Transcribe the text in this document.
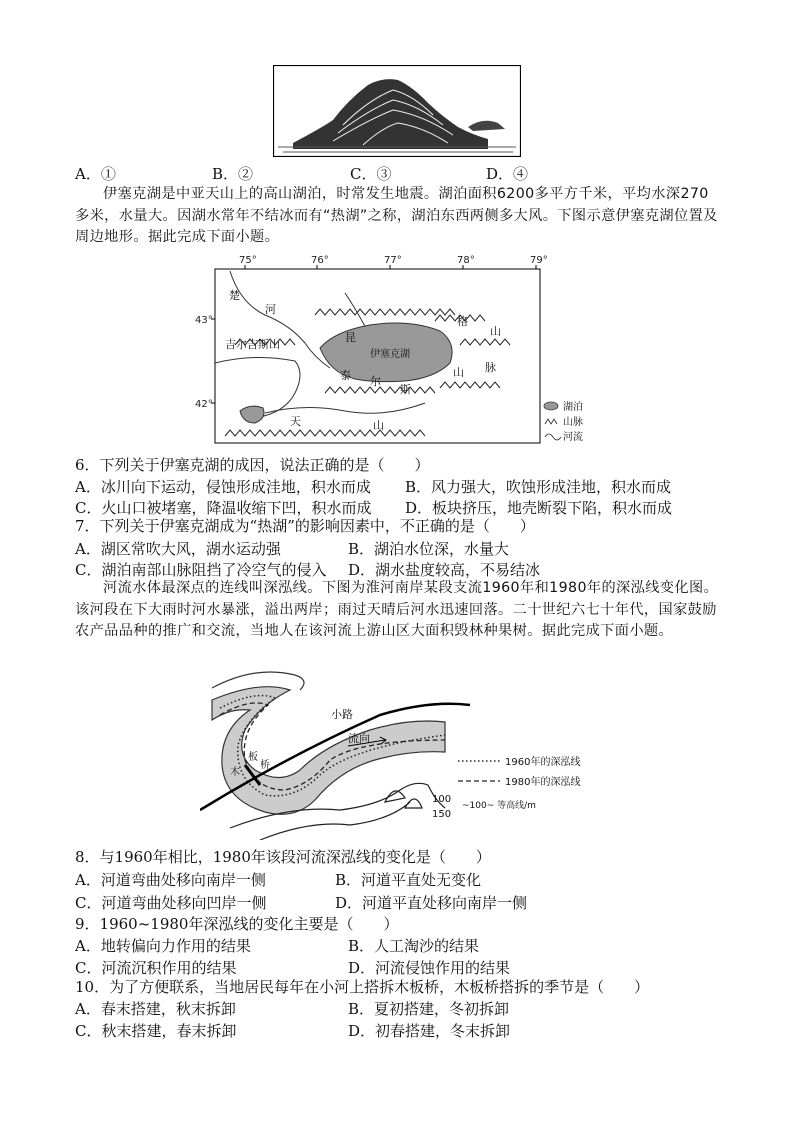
A．①	B．②	C．③	D．④
伊塞克湖是中亚天山上的高山湖泊，时常发生地震。湖泊面积6200多平方千米，平均水深270多米，水量大。因湖水常年不结冰而有“热湖”之称，湖泊东西两侧多大风。下图示意伊塞克湖位置及周边地形。据此完成下面小题。
75°	76°	77°	78°	79°
43°
42°
楚
河
吉尔吉斯山
伊塞克湖
昆
格
山
泰 尔
斯
山 脉
天	山
湖泊
山脉
河流
6．下列关于伊塞克湖的成因，说法正确的是（　　）
A．冰川向下运动，侵蚀形成洼地，积水而成 B．风力强大，吹蚀形成洼地，积水而成
C．火山口被堵塞，降温收缩下凹，积水而成 D．板块挤压，地壳断裂下陷，积水而成
7．下列关于伊塞克湖成为“热湖”的影响因素中，不正确的是（　　）
A．湖区常吹大风，湖水运动强	B．湖泊水位深，水量大
C．湖泊南部山脉阻挡了冷空气的侵入 D．湖水盐度较高，不易结冰
河流水体最深点的连线叫深泓线。下图为淮河南岸某段支流1960年和1980年的深泓线变化图。该河段在下大雨时河水暴涨，溢出两岸；雨过天晴后河水迅速回落。二十世纪六七十年代，国家鼓励农产品品种的推广和交流，当地人在该河流上游山区大面积毁林种果树。据此完成下面小题。
小路
流向
木
板
桥
100
150
1960年的深泓线
1980年的深泓线
~100~ 等高线/m
8．与1960年相比，1980年该段河流深泓线的变化是（　　）
A．河道弯曲处移向南岸一侧	B．河道平直处无变化
C．河道弯曲处移向凹岸一侧	D．河道平直处移向南岸一侧
9．1960~1980年深泓线的变化主要是（　　）
A．地转偏向力作用的结果	B．人工淘沙的结果
C．河流沉积作用的结果	D．河流侵蚀作用的结果
10．为了方便联系，当地居民每年在小河上搭拆木板桥，木板桥搭拆的季节是（　　）
A．春末搭建，秋末拆卸	B．夏初搭建，冬初拆卸
C．秋末搭建，春末拆卸	D．初春搭建，冬末拆卸
